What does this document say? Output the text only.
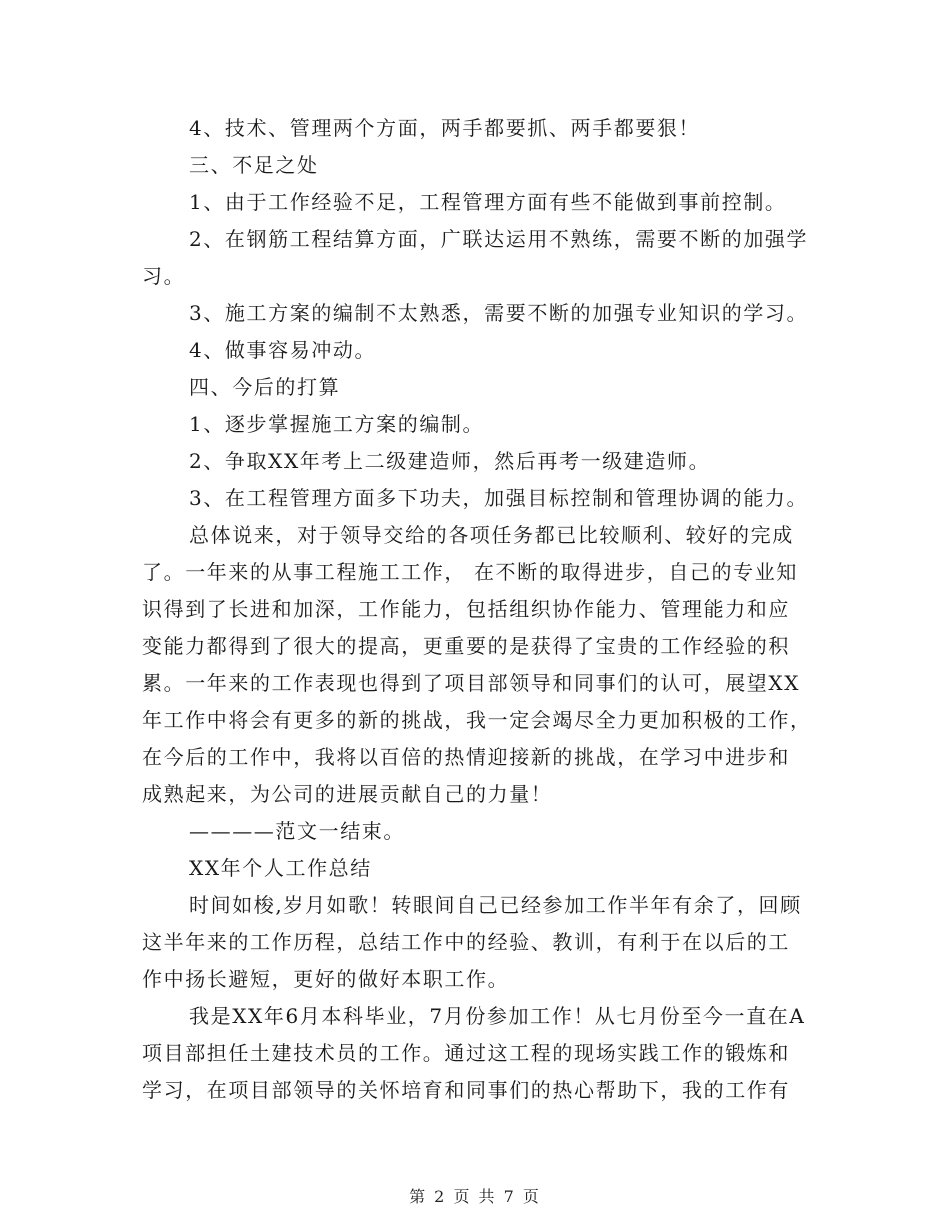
4、技术、管理两个方面，两手都要抓、两手都要狠！
三、不足之处
1、由于工作经验不足，工程管理方面有些不能做到事前控制。
2、在钢筋工程结算方面，广联达运用不熟练，需要不断的加强学
习。
3、施工方案的编制不太熟悉，需要不断的加强专业知识的学习。
4、做事容易冲动。
四、今后的打算
1、逐步掌握施工方案的编制。
2、争取XX年考上二级建造师，然后再考一级建造师。
3、在工程管理方面多下功夫，加强目标控制和管理协调的能力。
总体说来，对于领导交给的各项任务都已比较顺利、较好的完成
了。一年来的从事工程施工工作， 在不断的取得进步，自己的专业知
识得到了长进和加深，工作能力，包括组织协作能力、管理能力和应
变能力都得到了很大的提高，更重要的是获得了宝贵的工作经验的积
累。一年来的工作表现也得到了项目部领导和同事们的认可，展望XX
年工作中将会有更多的新的挑战，我一定会竭尽全力更加积极的工作，
在今后的工作中，我将以百倍的热情迎接新的挑战，在学习中进步和
成熟起来，为公司的进展贡献自己的力量！
————范文一结束。
XX年个人工作总结
时间如梭,岁月如歌！转眼间自己已经参加工作半年有余了，回顾
这半年来的工作历程，总结工作中的经验、教训，有利于在以后的工
作中扬长避短，更好的做好本职工作。
我是XX年6月本科毕业，7月份参加工作！从七月份至今一直在A
项目部担任土建技术员的工作。通过这工程的现场实践工作的锻炼和
学习，在项目部领导的关怀培育和同事们的热心帮助下，我的工作有
第 2 页 共 7 页
